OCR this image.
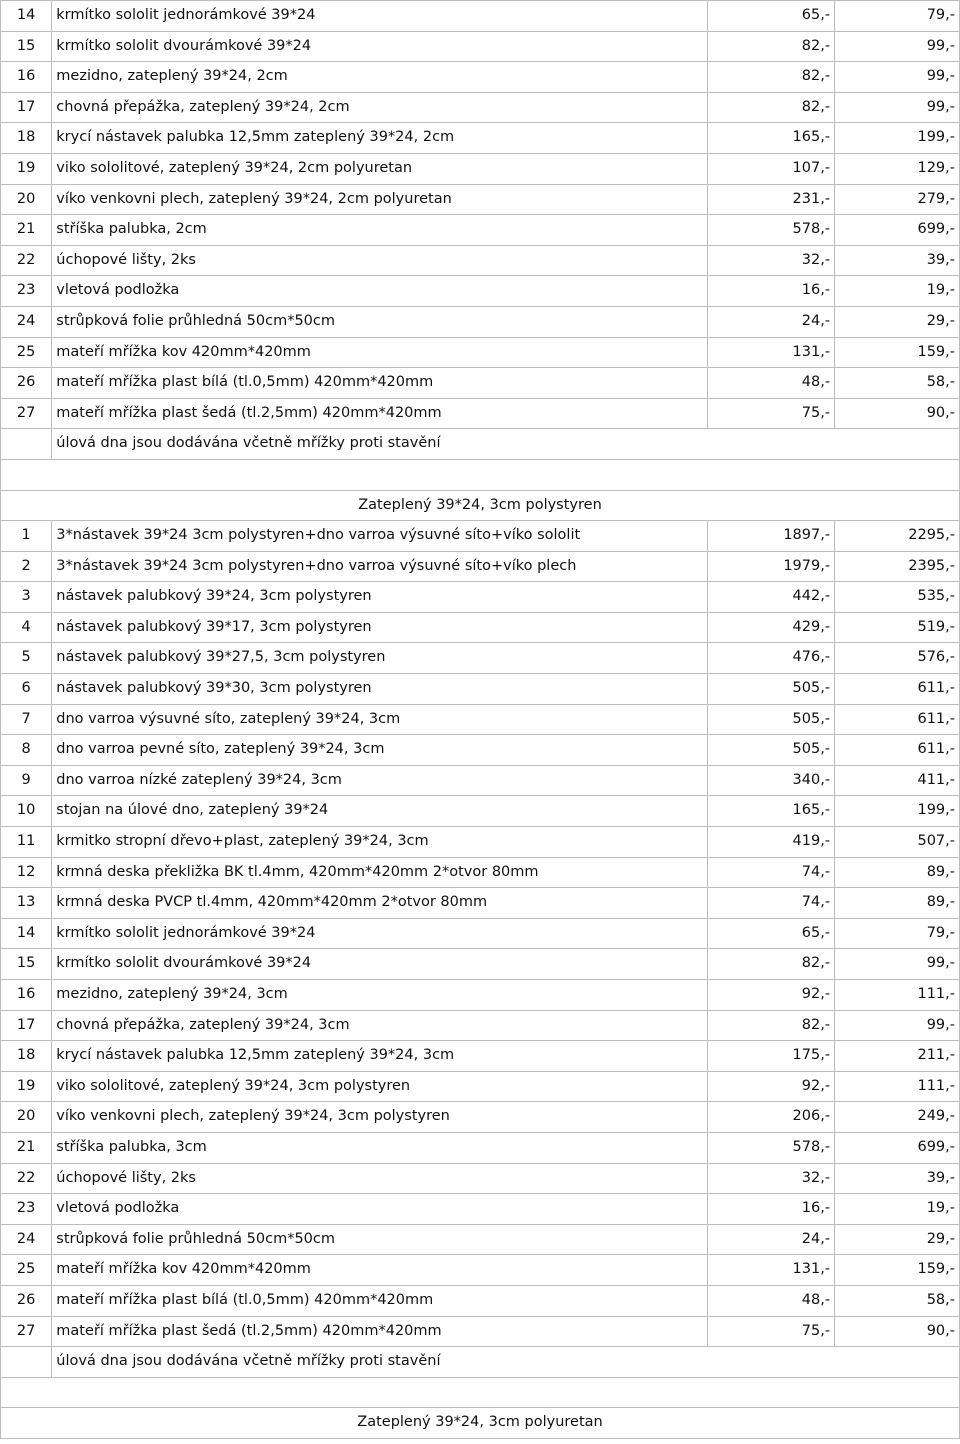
14	krmítko sololit jednorámkové 39*24	65,-	79,-
15	krmítko sololit dvourámkové 39*24	82,-	99,-
16	mezidno, zateplený 39*24, 2cm	82,-	99,-
17	chovná přepážka, zateplený 39*24, 2cm	82,-	99,-
18	krycí nástavek palubka 12,5mm zateplený 39*24, 2cm	165,-	199,-
19	viko sololitové, zateplený 39*24, 2cm polyuretan	107,-	129,-
20	víko venkovni plech, zateplený 39*24, 2cm polyuretan	231,-	279,-
21	stříška palubka, 2cm	578,-	699,-
22	úchopové lišty, 2ks	32,-	39,-
23	vletová podložka	16,-	19,-
24	strůpková folie průhledná 50cm*50cm	24,-	29,-
25	mateří mřížka kov 420mm*420mm	131,-	159,-
26	mateří mřížka plast bílá (tl.0,5mm) 420mm*420mm	48,-	58,-
27	mateří mřížka plast šedá (tl.2,5mm) 420mm*420mm	75,-	90,-
	úlová dna jsou dodávána včetně mřížky proti stavění		

Zateplený 39*24, 3cm polystyren			
1	3*nástavek 39*24 3cm polystyren+dno varroa výsuvné síto+víko sololit	1897,-	2295,-
2	3*nástavek 39*24 3cm polystyren+dno varroa výsuvné síto+víko plech	1979,-	2395,-
3	nástavek palubkový 39*24, 3cm polystyren	442,-	535,-
4	nástavek palubkový 39*17, 3cm polystyren	429,-	519,-
5	nástavek palubkový 39*27,5, 3cm polystyren	476,-	576,-
6	nástavek palubkový 39*30, 3cm polystyren	505,-	611,-
7	dno varroa výsuvné síto, zateplený 39*24, 3cm	505,-	611,-
8	dno varroa pevné síto, zateplený 39*24, 3cm	505,-	611,-
9	dno varroa nízké zateplený 39*24, 3cm	340,-	411,-
10	stojan na úlové dno, zateplený 39*24	165,-	199,-
11	krmitko stropní dřevo+plast, zateplený 39*24, 3cm	419,-	507,-
12	krmná deska překližka BK tl.4mm, 420mm*420mm 2*otvor 80mm	74,-	89,-
13	krmná deska PVCP tl.4mm, 420mm*420mm 2*otvor 80mm	74,-	89,-
14	krmítko sololit jednorámkové 39*24	65,-	79,-
15	krmítko sololit dvourámkové 39*24	82,-	99,-
16	mezidno, zateplený 39*24, 3cm	92,-	111,-
17	chovná přepážka, zateplený 39*24, 3cm	82,-	99,-
18	krycí nástavek palubka 12,5mm zateplený 39*24, 3cm	175,-	211,-
19	viko sololitové, zateplený 39*24, 3cm polystyren	92,-	111,-
20	víko venkovni plech, zateplený 39*24, 3cm polystyren	206,-	249,-
21	stříška palubka, 3cm	578,-	699,-
22	úchopové lišty, 2ks	32,-	39,-
23	vletová podložka	16,-	19,-
24	strůpková folie průhledná 50cm*50cm	24,-	29,-
25	mateří mřížka kov 420mm*420mm	131,-	159,-
26	mateří mřížka plast bílá (tl.0,5mm) 420mm*420mm	48,-	58,-
27	mateří mřížka plast šedá (tl.2,5mm) 420mm*420mm	75,-	90,-
	úlová dna jsou dodávána včetně mřížky proti stavění		

Zateplený 39*24, 3cm polyuretan			
